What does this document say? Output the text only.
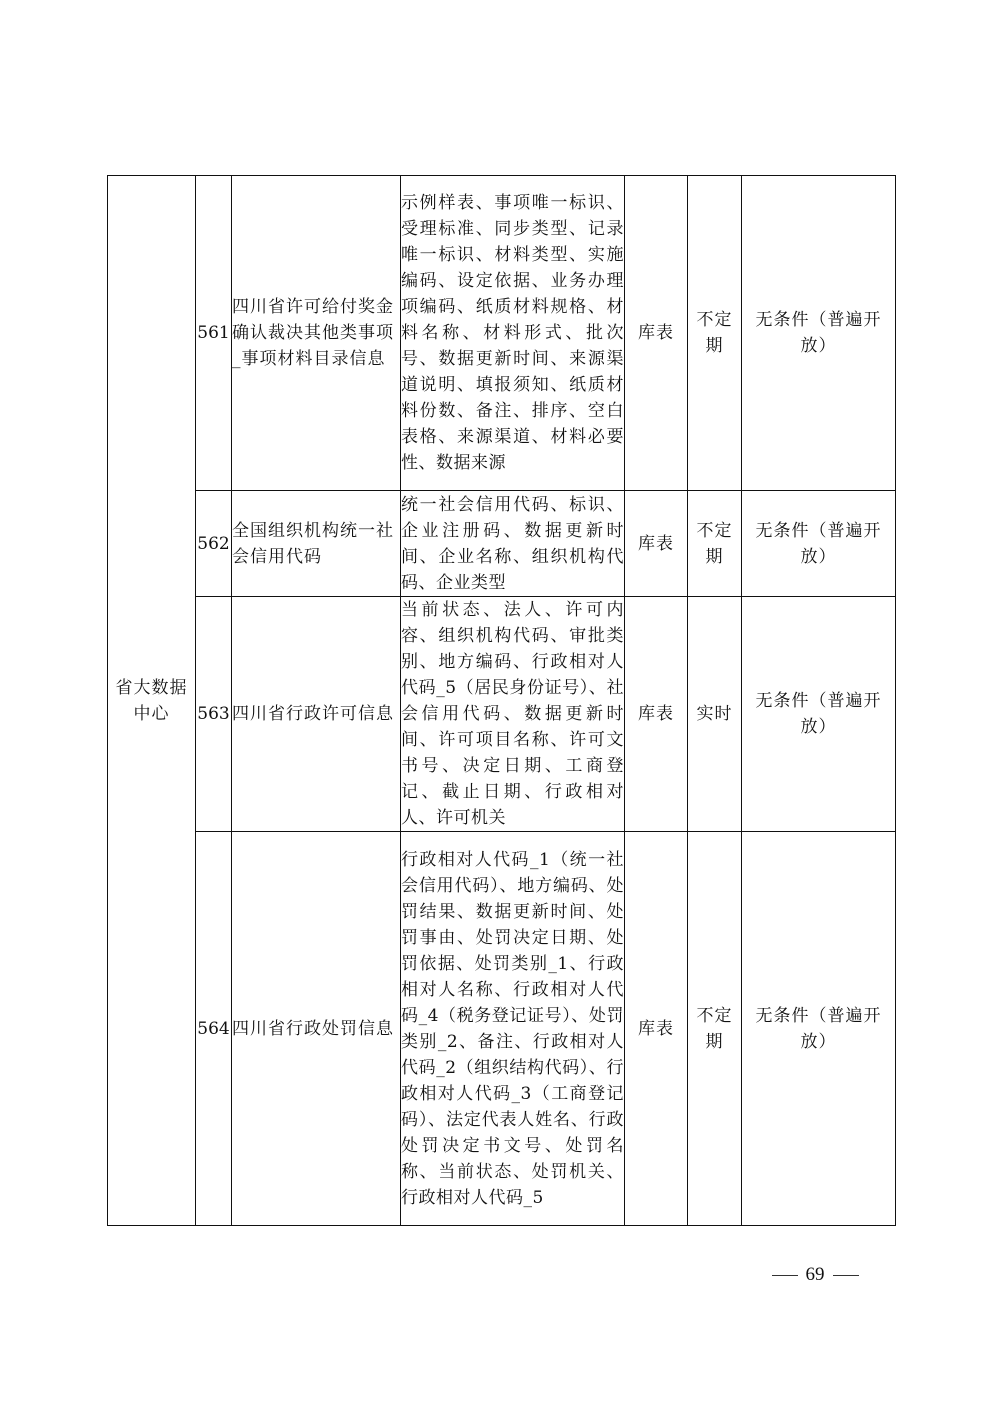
省大数据中心	561	四川省许可给付奖金确认裁决其他类事项_事项材料目录信息	示例样表、事项唯一标识、受理标准、同步类型、记录唯一标识、材料类型、实施编码、设定依据、业务办理项编码、纸质材料规格、材料名称、材料形式、批次号、数据更新时间、来源渠道说明、填报须知、纸质材料份数、备注、排序、空白表格、来源渠道、材料必要性、数据来源	库表	不定期	无条件（普遍开放）
	562	全国组织机构统一社会信用代码	统一社会信用代码、标识、企业注册码、数据更新时间、企业名称、组织机构代码、企业类型	库表	不定期	无条件（普遍开放）
	563	四川省行政许可信息	当前状态、法人、许可内容、组织机构代码、审批类别、地方编码、行政相对人代码_5（居民身份证号）、社会信用代码、数据更新时间、许可项目名称、许可文书号、决定日期、工商登记、截止日期、行政相对人、许可机关	库表	实时	无条件（普遍开放）
	564	四川省行政处罚信息	行政相对人代码_1（统一社会信用代码）、地方编码、处罚结果、数据更新时间、处罚事由、处罚决定日期、处罚依据、处罚类别_1、行政相对人名称、行政相对人代码_4（税务登记证号）、处罚类别_2、备注、行政相对人代码_2（组织结构代码）、行政相对人代码_3（工商登记码）、法定代表人姓名、行政处罚决定书文号、处罚名称、当前状态、处罚机关、行政相对人代码_5	库表	不定期	无条件（普遍开放）
69
